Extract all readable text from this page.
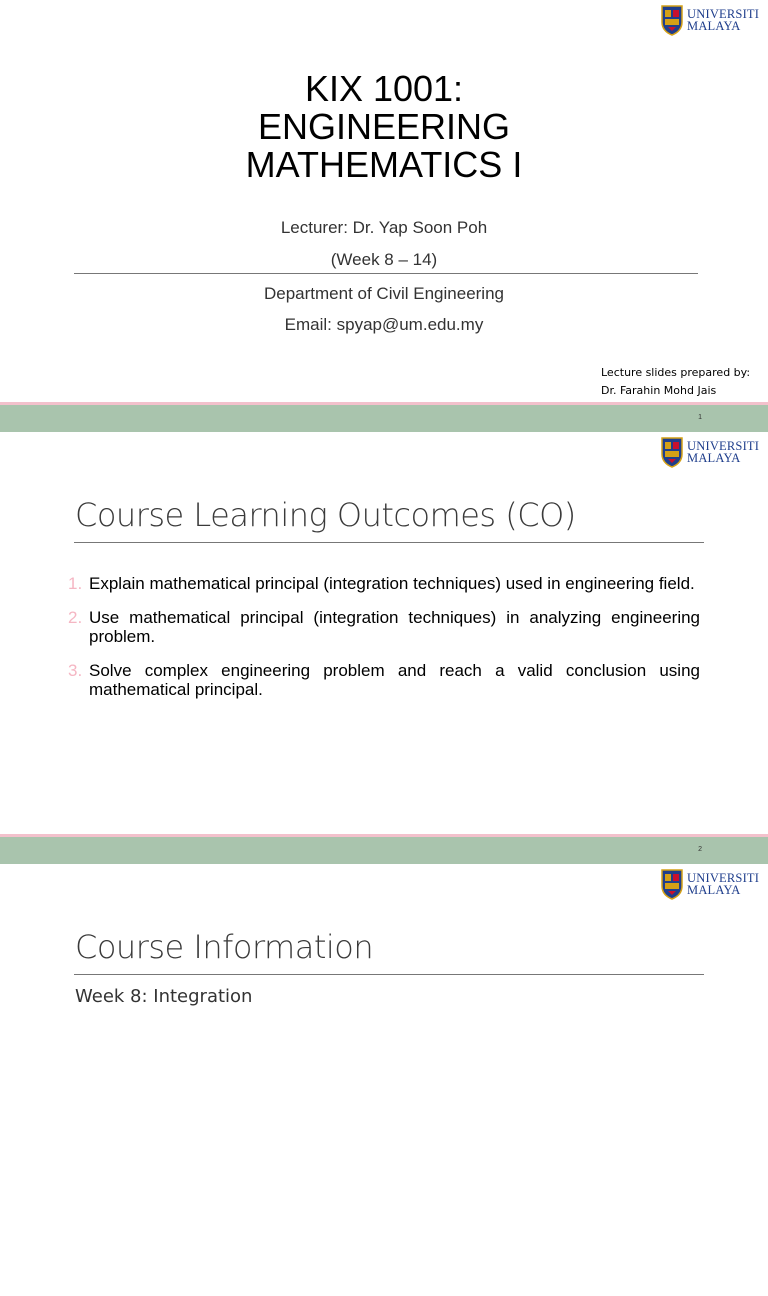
UNIVERSITI
MALAYA
KIX 1001:
ENGINEERING
MATHEMATICS I
Lecturer: Dr. Yap Soon Poh
(Week 8 – 14)
Department of Civil Engineering
Email: spyap@um.edu.my
Lecture slides prepared by:
Dr. Farahin Mohd Jais
1
UNIVERSITI
MALAYA
Course Learning Outcomes (CO)
1. Explain mathematical principal (integration techniques) used in engineering field.
2. Use mathematical principal (integration techniques) in analyzing engineering problem.
3. Solve complex engineering problem and reach a valid conclusion using mathematical principal.
2
UNIVERSITI
MALAYA
Course Information
Week 8: Integration
